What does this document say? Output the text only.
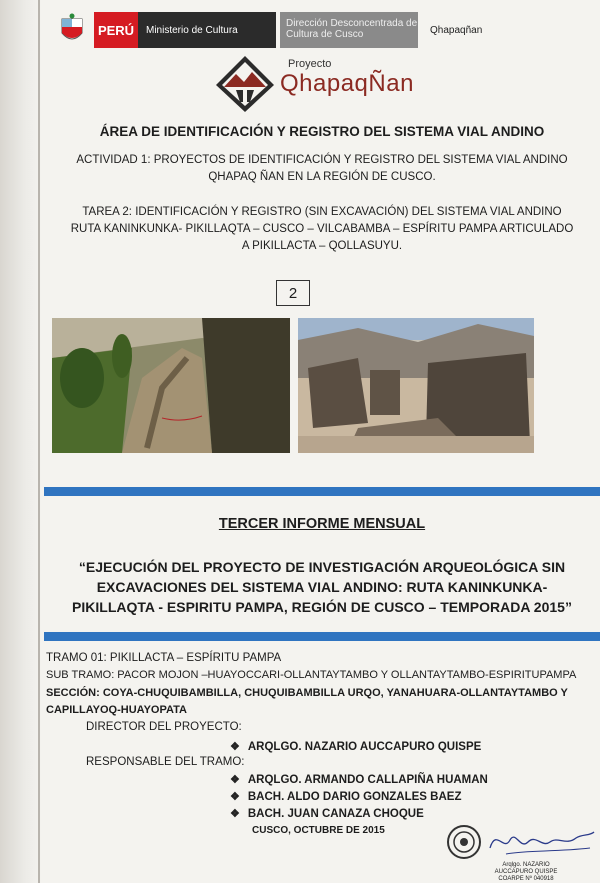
PERÚ	Ministerio de Cultura
Dirección Desconcentrada de Cultura de Cusco	Qhapaqñan
Proyecto
QhapaqÑan
ÁREA DE IDENTIFICACIÓN Y REGISTRO DEL SISTEMA VIAL ANDINO
ACTIVIDAD 1: PROYECTOS DE IDENTIFICACIÓN Y REGISTRO DEL SISTEMA VIAL ANDINO
QHAPAQ ÑAN EN LA REGIÓN DE CUSCO.
TAREA 2: IDENTIFICACIÓN Y REGISTRO (SIN EXCAVACIÓN) DEL SISTEMA VIAL ANDINO
RUTA KANINKUNKA- PIKILLAQTA – CUSCO – VILCABAMBA – ESPÍRITU PAMPA ARTICULADO
A PIKILLACTA – QOLLASUYU.
2
TERCER INFORME MENSUAL
“EJECUCIÓN DEL PROYECTO DE INVESTIGACIÓN ARQUEOLÓGICA SIN
EXCAVACIONES DEL SISTEMA VIAL ANDINO: RUTA KANINKUNKA-
PIKILLAQTA - ESPIRITU PAMPA, REGIÓN DE CUSCO – TEMPORADA 2015”
TRAMO 01: PIKILLACTA – ESPÍRITU PAMPA
SUB TRAMO: PACOR MOJON –HUAYOCCARI-OLLANTAYTAMBO Y OLLANTAYTAMBO-ESPIRITUPAMPA
SECCIÓN: COYA-CHUQUIBAMBILLA, CHUQUIBAMBILLA URQO, YANAHUARA-OLLANTAYTAMBO Y
CAPILLAYOQ-HUAYOPATA
DIRECTOR DEL PROYECTO:
❖ ARQLGO. NAZARIO AUCCAPURO QUISPE
RESPONSABLE DEL TRAMO:
❖ ARQLGO. ARMANDO CALLAPIÑA HUAMAN
❖ BACH. ALDO DARIO GONZALES BAEZ
❖ BACH. JUAN CANAZA CHOQUE
CUSCO, OCTUBRE DE 2015
Arqlgo. NAZARIO AUCCAPURO QUISPE
COARPE Nº 040918
